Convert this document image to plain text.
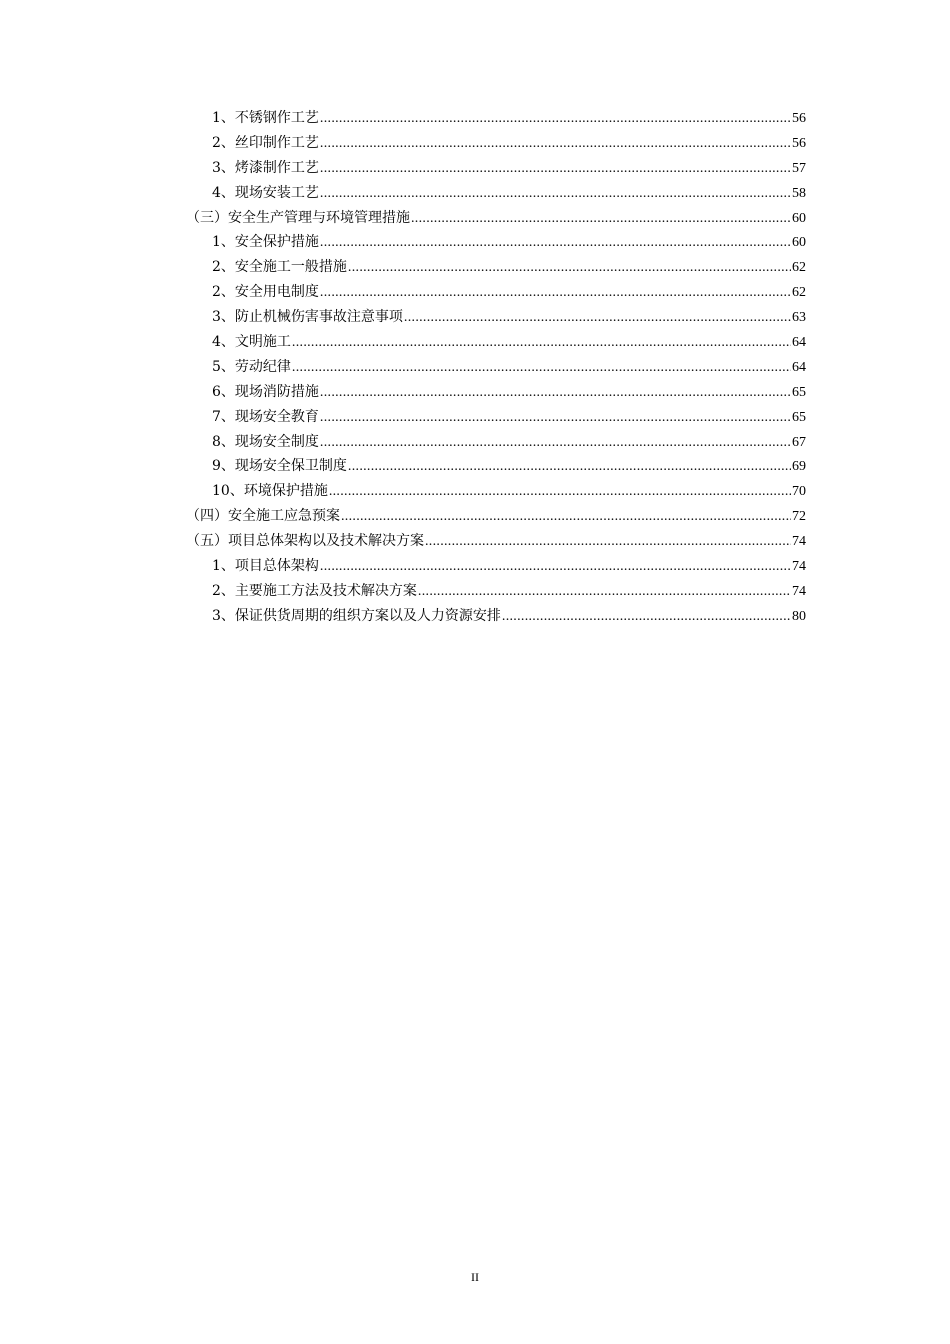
1、不锈钢作工艺 .....	56
2、丝印制作工艺 .....	56
3、烤漆制作工艺 .....	57
4、现场安装工艺 .....	58
（三）安全生产管理与环境管理措施 .....	60
1、安全保护措施 .....	60
2、安全施工一般措施 .....	62
2、安全用电制度 .....	62
3、防止机械伤害事故注意事项 .....	63
4、文明施工 .....	64
5、劳动纪律 .....	64
6、现场消防措施 .....	65
7、现场安全教育 .....	65
8、现场安全制度 .....	67
9、现场安全保卫制度 .....	69
10、环境保护措施 .....	70
（四）安全施工应急预案 .....	72
（五）项目总体架构以及技术解决方案 .....	74
1、项目总体架构 .....	74
2、主要施工方法及技术解决方案 .....	74
3、保证供货周期的组织方案以及人力资源安排 .....	80
II
